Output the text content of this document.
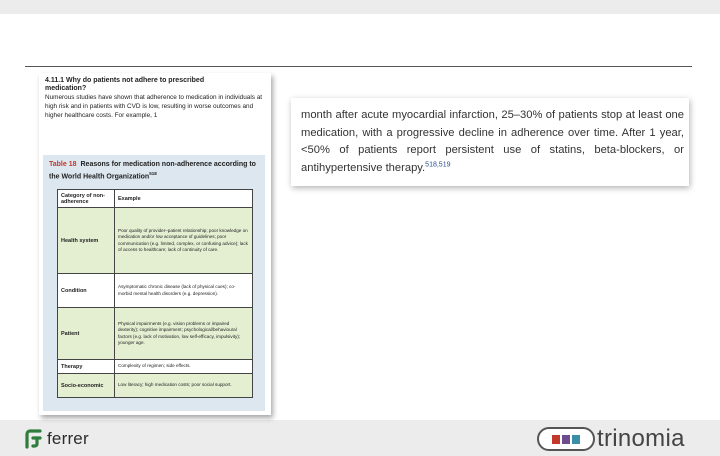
4.11.1 Why do patients not adhere to prescribed medication?
Numerous studies have shown that adherence to medication in individuals at high risk and in patients with CVD is low, resulting in worse outcomes and higher healthcare costs. For example, 1
Table 18 Reasons for medication non-adherence according to the World Health Organization$^{518}$
Category of non-adherence	Example
Health system	Poor quality of provider–patient relationship; poor knowledge on medication and/or low acceptance of guidelines; poor communication (e.g. limited, complex, or confusing advice); lack of access to healthcare; lack of continuity of care.
Condition	Asymptomatic chronic disease (lack of physical cues); co-morbid mental health disorders (e.g. depression).
Patient	Physical impairments (e.g. vision problems or impaired dexterity); cognitive impairment; psychological/behavioural factors (e.g. lack of motivation, low self-efficacy, impulsivity); younger age.
Therapy	Complexity of regimen; side effects.
Socio-economic	Low literacy; high medication costs; poor social support.
month after acute myocardial infarction, 25–30% of patients stop at least one medication, with a progressive decline in adherence over time. After 1 year, <50% of patients report persistent use of statins, beta-blockers, or antihypertensive therapy.$^{518,519}$
ferrer	trinomia
